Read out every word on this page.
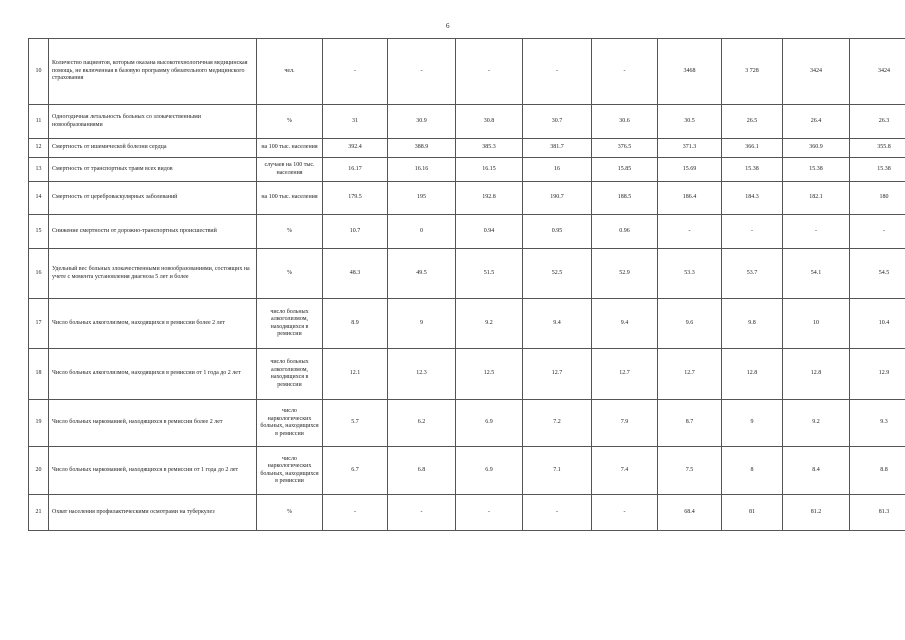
6
10	Количество пациентов, которым оказана высокотехнологичная медицинская помощь, не включенная в базовую программу обязательного медицинского страхования	чел.	-	-	-	-	-	3468	3 728	3424	3424
11	Одногодичная летальность больных со злокачественными новообразованиями	%	31	30.9	30.8	30.7	30.6	30.5	26.5	26.4	26.3
12	Смертность от ишемической болезни сердца	на 100 тыс. населения	392.4	388.9	385.3	381.7	376.5	371.3	366.1	360.9	355.8
13	Смертность от транспортных травм всех видов	случаев на 100 тыс. населения	16.17	16.16	16.15	16	15.85	15.69	15.38	15.38	15.38
14	Смертность от цереброваскулярных заболеваний	на 100 тыс. населения	179.5	195	192.8	190.7	188.5	186.4	184.3	182.1	180
15	Снижение смертности от дорожно-транспортных происшествий	%	10.7	0	0.94	0.95	0.96	-	-	-	-
16	Удельный вес больных злокачественными новообразованиями, состоящих на учете с момента установления диагноза 5 лет и более	%	48.3	49.5	51.5	52.5	52.9	53.3	53.7	54.1	54.5
17	Число больных алкоголизмом, находящихся в ремиссии более 2 лет	число больных алкоголизмом, находящихся в ремиссии	8.9	9	9.2	9.4	9.4	9.6	9.8	10	10.4
18	Число больных алкоголизмом, находящихся в ремиссии от 1 года до 2 лет	число больных алкоголизмом, находящихся в ремиссии	12.1	12.3	12.5	12.7	12.7	12.7	12.8	12.8	12.9
19	Число больных наркоманией, находящихся в ремиссии более 2 лет	число наркологических больных, находящихся в ремиссии	5.7	6.2	6.9	7.2	7.9	8.7	9	9.2	9.3
20	Число больных наркоманией, находящихся в ремиссии от 1 года до 2 лет	число наркологических больных, находящихся в ремиссии	6.7	6.8	6.9	7.1	7.4	7.5	8	8.4	8.8
21	Охват населения профилактическими осмотрами на туберкулез	%	-	-	-	-	-	68.4	81	81.2	81.3
